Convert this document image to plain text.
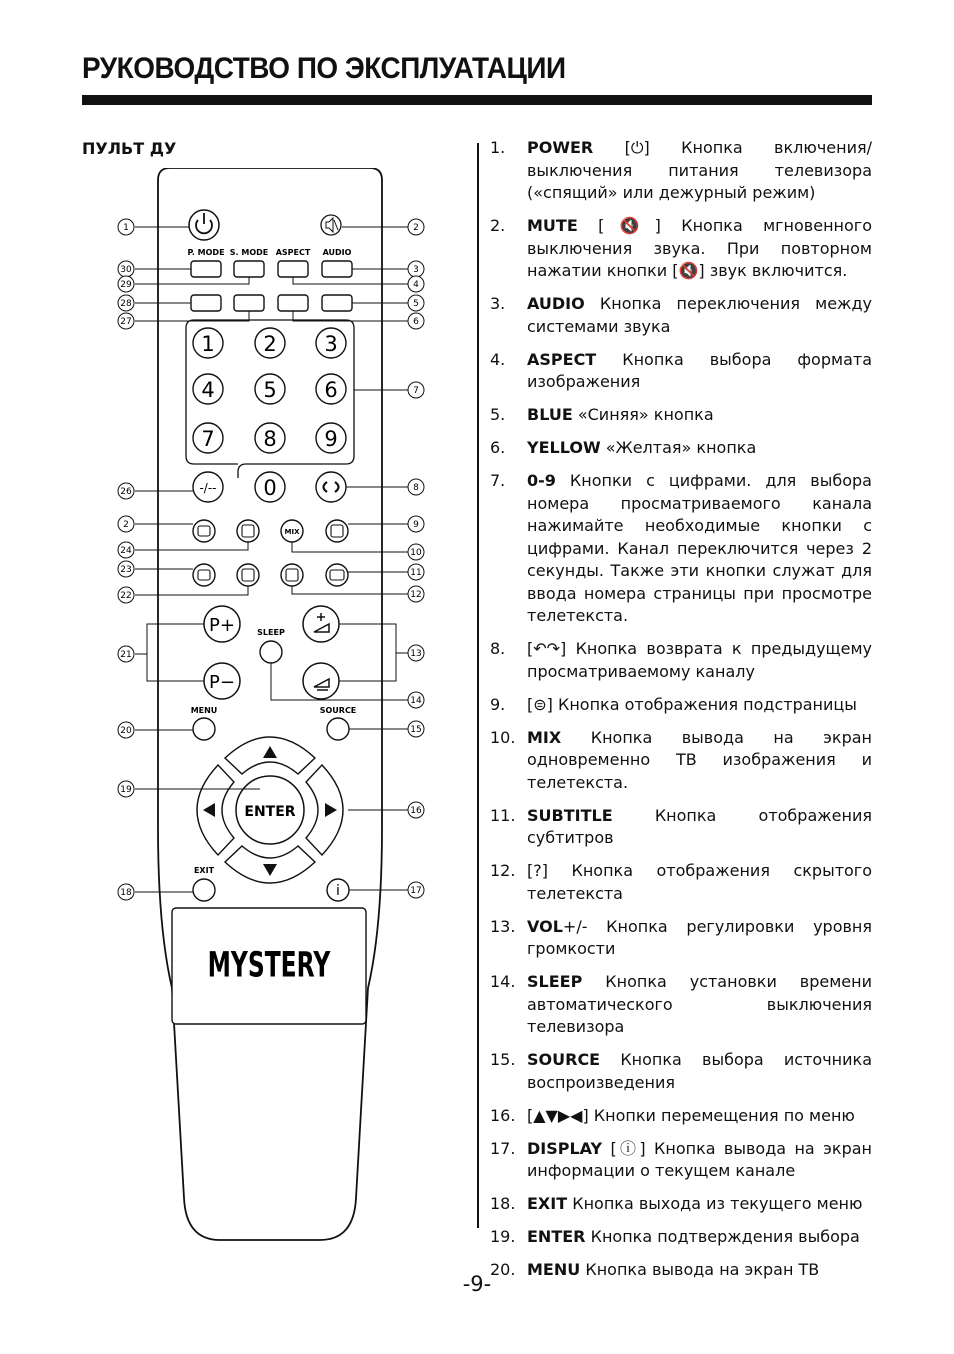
РУКОВОДСТВО ПО ЭКСПЛУАТАЦИИ
ПУЛЬТ ДУ
P. MODE S. MODE ASPECT AUDIO
1 2 3
4 5 6
7 8 9
0
-/--
MIX
P+
P−
SLEEP
MENU	SOURCE
ENTER
EXIT
i
MYSTERY
1
30
29
28
27
26
2
24
23
22
21
20
19
18
2
3
4
5
6
7
8
9
10
11
12
13
14
15
16
17
1. POWER [⏻] Кнопка включения/выключения питания телевизора («спящий» или дежурный режим)
2. MUTE [🔇] Кнопка мгновенного выключения звука. При повторном нажатии кнопки [🔇] звук включится.
3. AUDIO Кнопка переключения между системами звука
4. ASPECT Кнопка выбора формата изображения
5. BLUE «Синяя» кнопка
6. YELLOW «Желтая» кнопка
7. 0-9 Кнопки с цифрами. для выбора номера просматриваемого канала нажимайте необходимые кнопки с цифрами. Канал переключится через 2 секунды. Также эти кнопки служат для ввода номера страницы при просмотре телетекста.
8. [↶↷] Кнопка возврата к предыдущему просматриваемому каналу
9. [⊜] Кнопка отображения подстраницы
10. MIX Кнопка вывода на экран одновременно ТВ изображения и телетекста.
11. SUBTITLE	Кнопка отображения субтитров
12. [?] Кнопка отображения скрытого телетекста
13. VOL+/- Кнопка регулировки уровня громкости
14. SLEEP Кнопка установки времени автоматического выключения телевизора
15. SOURCE Кнопка выбора источника воспроизведения
16. [▲▼▶◀] Кнопки перемещения по меню
17. DISPLAY [ⓘ] Кнопка вывода на экран информации о текущем канале
18. EXIT Кнопка выхода из текущего меню
19. ENTER Кнопка подтверждения выбора
20. MENU Кнопка вывода на экран ТВ
-9-
